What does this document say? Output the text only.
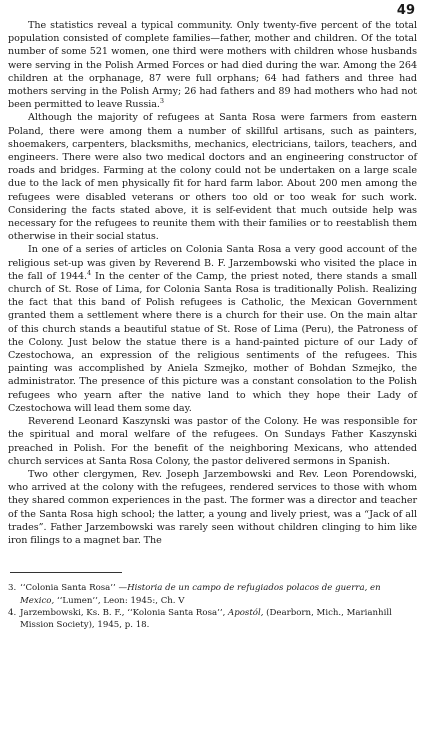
49

The statistics reveal a typical community. Only twenty-five percent of the total population consisted of complete families—father, mother and children. Of the total number of some 521 women, one third were mothers with children whose husbands were serving in the Polish Armed Forces or had died during the war. Among the 264 children at the orphanage, 87 were full orphans; 64 had fathers and three had mothers serving in the Polish Army; 26 had fathers and 89 had mothers who had not been permitted to leave Russia.$^3$

Although the majority of refugees at Santa Rosa were farmers from eastern Poland, there were among them a number of skillful artisans, such as painters, shoemakers, carpenters, blacksmiths, mechanics, electricians, tailors, teachers, and engineers. There were also two medical doctors and an engineering constructor of roads and bridges. Farming at the colony could not be undertaken on a large scale due to the lack of men physically fit for hard farm labor. About 200 men among the refugees were disabled veterans or others too old or too weak for such work. Considering the facts stated above, it is self-evident that much outside help was necessary for the refugees to reunite them with their families or to reestablish them otherwise in their social status.

In one of a series of articles on Colonia Santa Rosa a very good account of the religious set-up was given by Reverend B. F. Jarzembowski who visited the place in the fall of 1944.$^4$ In the center of the Camp, the priest noted, there stands a small church of St. Rose of Lima, for Colonia Santa Rosa is traditionally Polish. Realizing the fact that this band of Polish refugees is Catholic, the Mexican Government granted them a settlement where there is a church for their use. On the main altar of this church stands a beautiful statue of St. Rose of Lima (Peru), the Patroness of the Colony. Just below the statue there is a hand-painted picture of our Lady of Czestochowa, an expression of the religious sentiments of the refugees. This painting was accomplished by Aniela Szmejko, mother of Bohdan Szmejko, the administrator. The presence of this picture was a constant consolation to the Polish refugees who yearn after the native land to which they hope their Lady of Czestochowa will lead them some day.

Reverend Leonard Kaszynski was pastor of the Colony. He was responsible for the spiritual and moral welfare of the refugees. On Sundays Father Kaszynski preached in Polish. For the benefit of the neighboring Mexicans, who attended church services at Santa Rosa Colony, the pastor delivered sermons in Spanish.

Two other clergymen, Rev. Joseph Jarzembowski and Rev. Leon Porendowski, who arrived at the colony with the refugees, rendered services to those with whom they shared common experiences in the past. The former was a director and teacher of the Santa Rosa high school; the latter, a young and lively priest, was a “Jack of all trades”. Father Jarzembowski was rarely seen without children clinging to him like iron filings to a magnet bar. The

3. ‘‘Colonia Santa Rosa’’ —Historia de un campo de refugiados polacos de guerra, en Mexico, ‘‘Lumen’’, Leon: 1945:, Ch. V

4. Jarzembowski, Ks. B. F., ‘‘Kolonia Santa Rosa’’, Apostól, (Dearborn, Mich., Marianhill Mission Society), 1945, p. 18.
